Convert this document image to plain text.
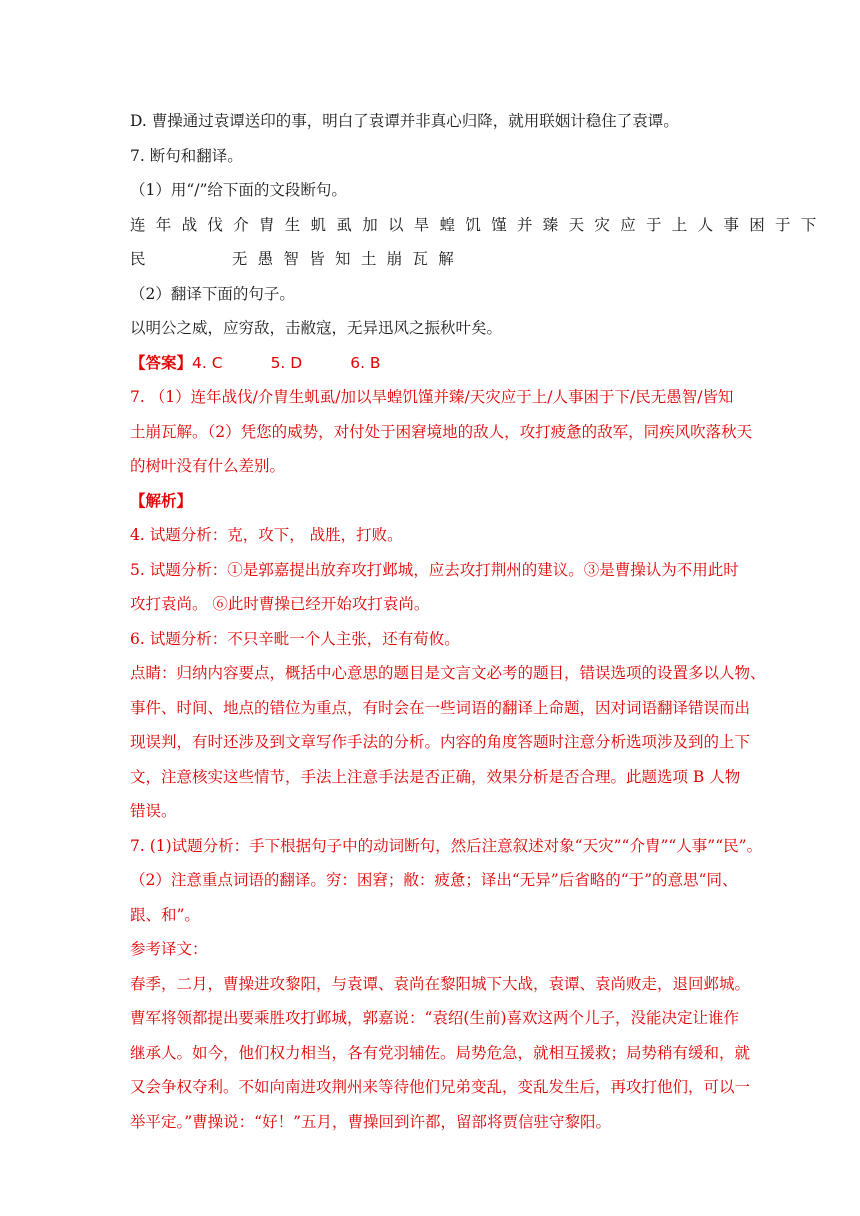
D. 曹操通过袁谭送印的事，明白了袁谭并非真心归降，就用联姻计稳住了袁谭。

7. 断句和翻译。

（1）用“/”给下面的文段断句。

连年战伐介胄生虮虱加以旱蝗饥馑并臻天灾应于上人事困于下

民	无愚智皆知土崩瓦解

（2）翻译下面的句子。

以明公之威，应穷敌，击敝寇，无异迅风之振秋叶矣。

【答案】4. C	5. D	6. B

7. （1）连年战伐/介胄生虮虱/加以旱蝗饥馑并臻/天灾应于上/人事困于下/民无愚智/皆知

土崩瓦解。（2）凭您的威势，对付处于困窘境地的敌人，攻打疲惫的敌军，同疾风吹落秋天

的树叶没有什么差别。

【解析】

4. 试题分析：克，攻下， 战胜，打败。

5. 试题分析：①是郭嘉提出放弃攻打邺城，应去攻打荆州的建议。③是曹操认为不用此时

攻打袁尚。 ⑥此时曹操已经开始攻打袁尚。

6. 试题分析：不只辛毗一个人主张，还有荀攸。

点睛：归纳内容要点，概括中心意思的题目是文言文必考的题目，错误选项的设置多以人物、

事件、时间、地点的错位为重点，有时会在一些词语的翻译上命题，因对词语翻译错误而出

现误判，有时还涉及到文章写作手法的分析。内容的角度答题时注意分析选项涉及到的上下

文，注意核实这些情节，手法上注意手法是否正确，效果分析是否合理。此题选项 B 人物

错误。

7. (1)试题分析：手下根据句子中的动词断句，然后注意叙述对象“天灾”“介胄”“人事”“民”。

（2）注意重点词语的翻译。穷：困窘；敝：疲惫；译出“无异”后省略的“于”的意思“同、

跟、和”。

参考译文：

春季，二月，曹操进攻黎阳，与袁谭、袁尚在黎阳城下大战，袁谭、袁尚败走，退回邺城。

曹军将领都提出要乘胜攻打邺城，郭嘉说：“袁绍(生前)喜欢这两个儿子，没能决定让谁作

继承人。如今，他们权力相当，各有党羽辅佐。局势危急，就相互援救；局势稍有缓和，就

又会争权夺利。不如向南进攻荆州来等待他们兄弟变乱，变乱发生后，再攻打他们，可以一

举平定。”曹操说：“好！”五月，曹操回到许都，留部将贾信驻守黎阳。
